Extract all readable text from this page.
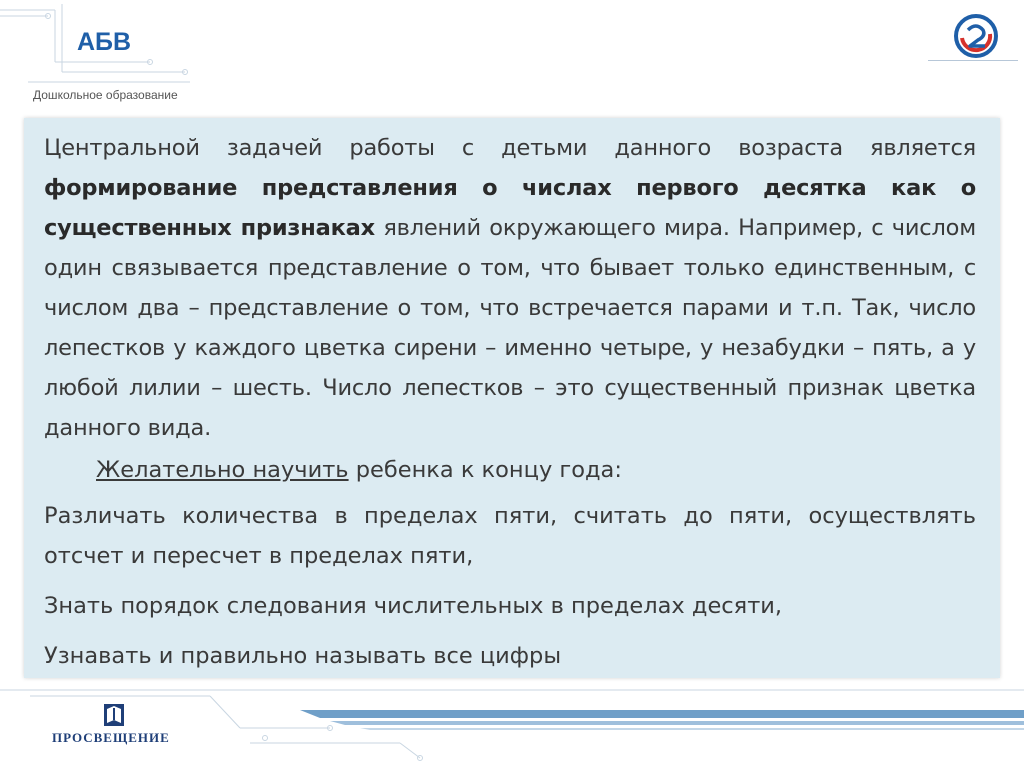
АБВ
Дошкольное образование

Центральной задачей работы с детьми данного возраста является формирование представления о числах первого десятка как о существенных признаках явлений окружающего мира. Например, с числом один связывается представление о том, что бывает только единственным, с числом два – представление о том, что встречается парами и т.п. Так, число лепестков у каждого цветка сирени – именно четыре, у незабудки – пять, а у любой лилии – шесть. Число лепестков – это существенный признак цветка данного вида.

Желательно научить ребенка к концу года:
Различать количества в пределах пяти, считать до пяти, осуществлять отсчет и пересчет в пределах пяти,
Знать порядок следования числительных в пределах десяти,
Узнавать и правильно называть все цифры
ПРОСВЕЩЕНИЕ
